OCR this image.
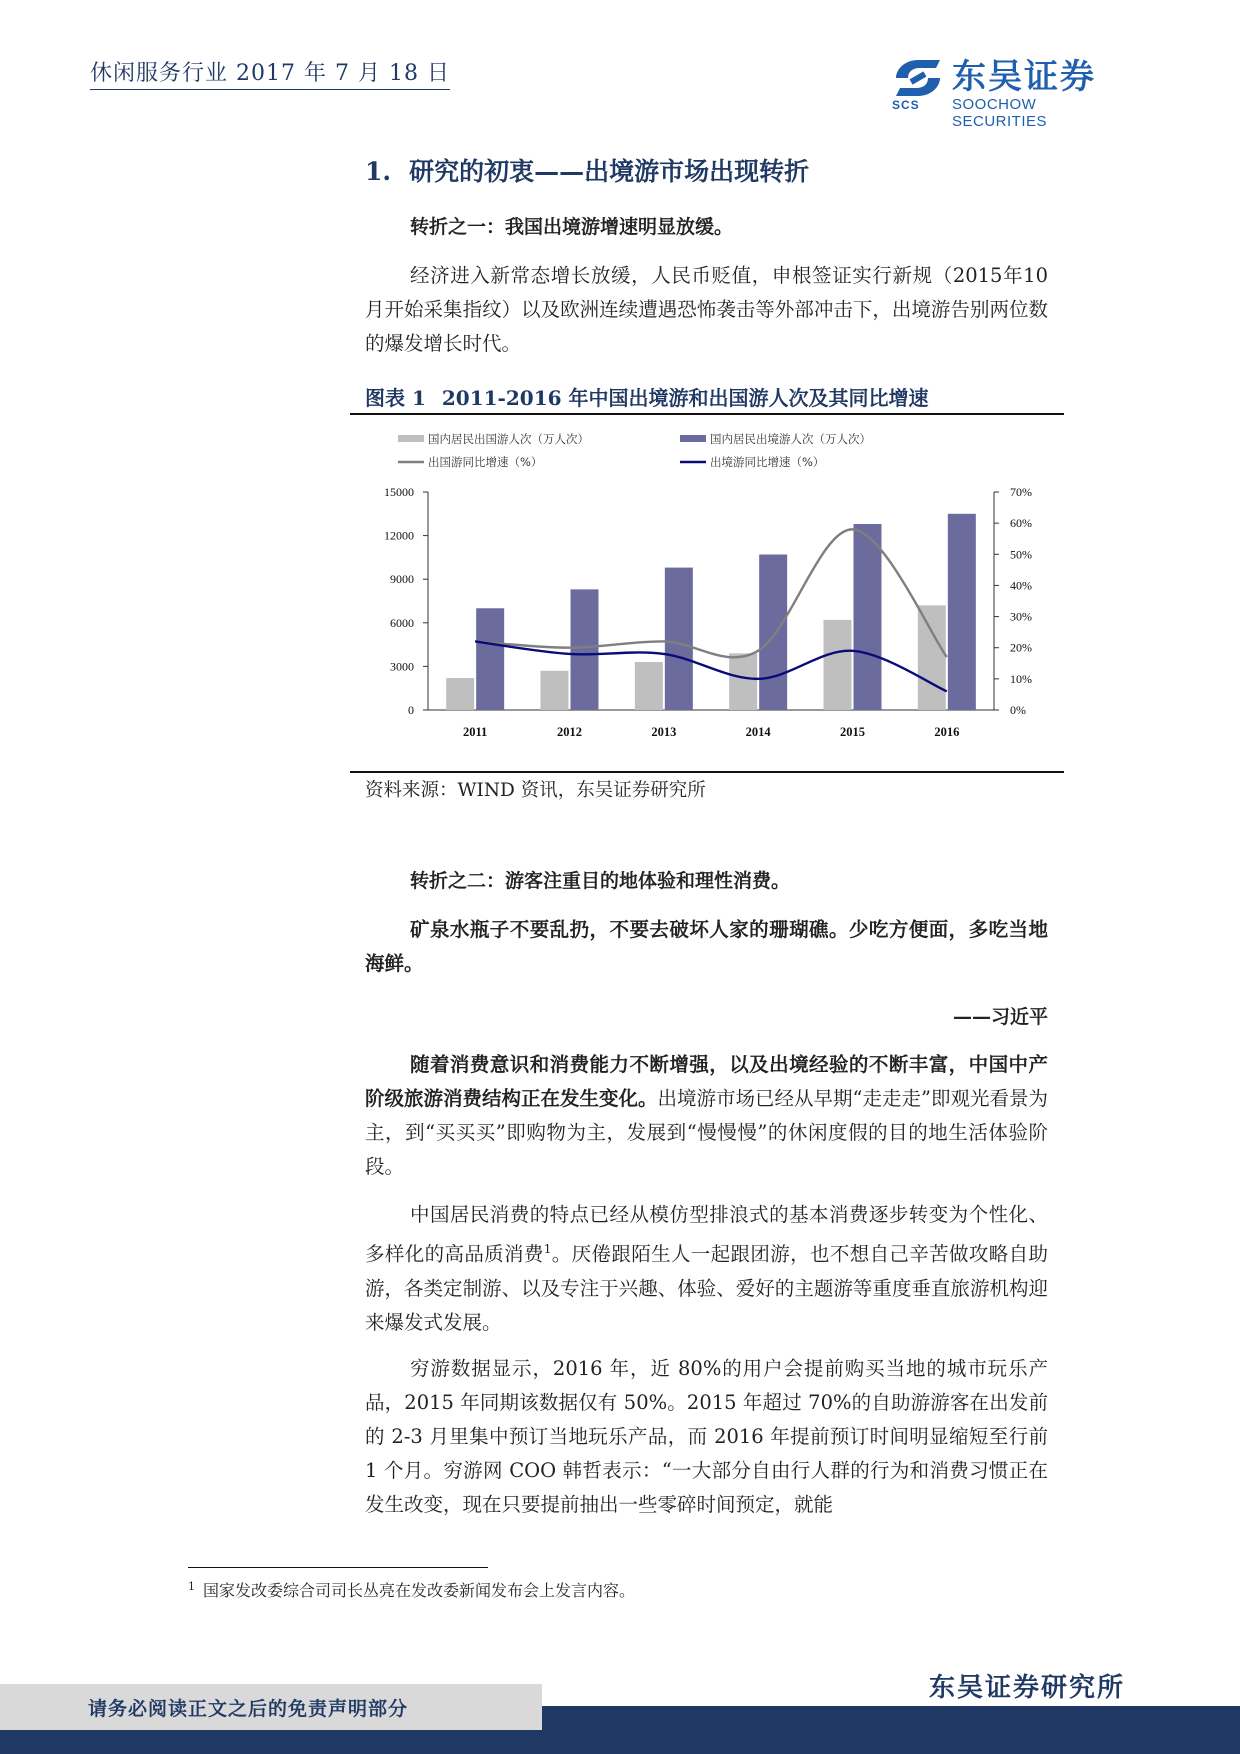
休闲服务行业 2017 年 7 月 18 日
SCS
东吴证券
SOOCHOW SECURITIES
1. 研究的初衷——出境游市场出现转折
转折之一：我国出境游增速明显放缓。
经济进入新常态增长放缓，人民币贬值，申根签证实行新规（2015年10月开始采集指纹）以及欧洲连续遭遇恐怖袭击等外部冲击下，出境游告别两位数的爆发增长时代。
图表 1 2011-2016 年中国出境游和出国游人次及其同比增速
0
3000
6000
9000
12000
15000
0%
10%
20%
30%
40%
50%
60%
70%
2011	2012	2013	2014	2015	2016
国内居民出国游人次（万人次）	国内居民出境游人次（万人次）
出国游同比增速（%）	出境游同比增速（%）
资料来源：WIND 资讯，东吴证券研究所
转折之二：游客注重目的地体验和理性消费。
矿泉水瓶子不要乱扔，不要去破坏人家的珊瑚礁。少吃方便面，多吃当地海鲜。
——习近平
随着消费意识和消费能力不断增强，以及出境经验的不断丰富，中国中产阶级旅游消费结构正在发生变化。出境游市场已经从早期“走走走”即观光看景为主，到“买买买”即购物为主，发展到“慢慢慢”的休闲度假的目的地生活体验阶段。
中国居民消费的特点已经从模仿型排浪式的基本消费逐步转变为个性化、多样化的高品质消费$^1$。厌倦跟陌生人一起跟团游，也不想自己辛苦做攻略自助游，各类定制游、以及专注于兴趣、体验、爱好的主题游等重度垂直旅游机构迎来爆发式发展。
穷游数据显示，2016 年，近 80%的用户会提前购买当地的城市玩乐产品，2015 年同期该数据仅有 50%。2015 年超过 70%的自助游游客在出发前的 2-3 月里集中预订当地玩乐产品，而 2016 年提前预订时间明显缩短至行前 1 个月。穷游网 COO 韩哲表示：“一大部分自由行人群的行为和消费习惯正在发生改变，现在只要提前抽出一些零碎时间预定，就能
$^1$ 国家发改委综合司司长丛亮在发改委新闻发布会上发言内容。
请务必阅读正文之后的免责声明部分
东吴证券研究所
